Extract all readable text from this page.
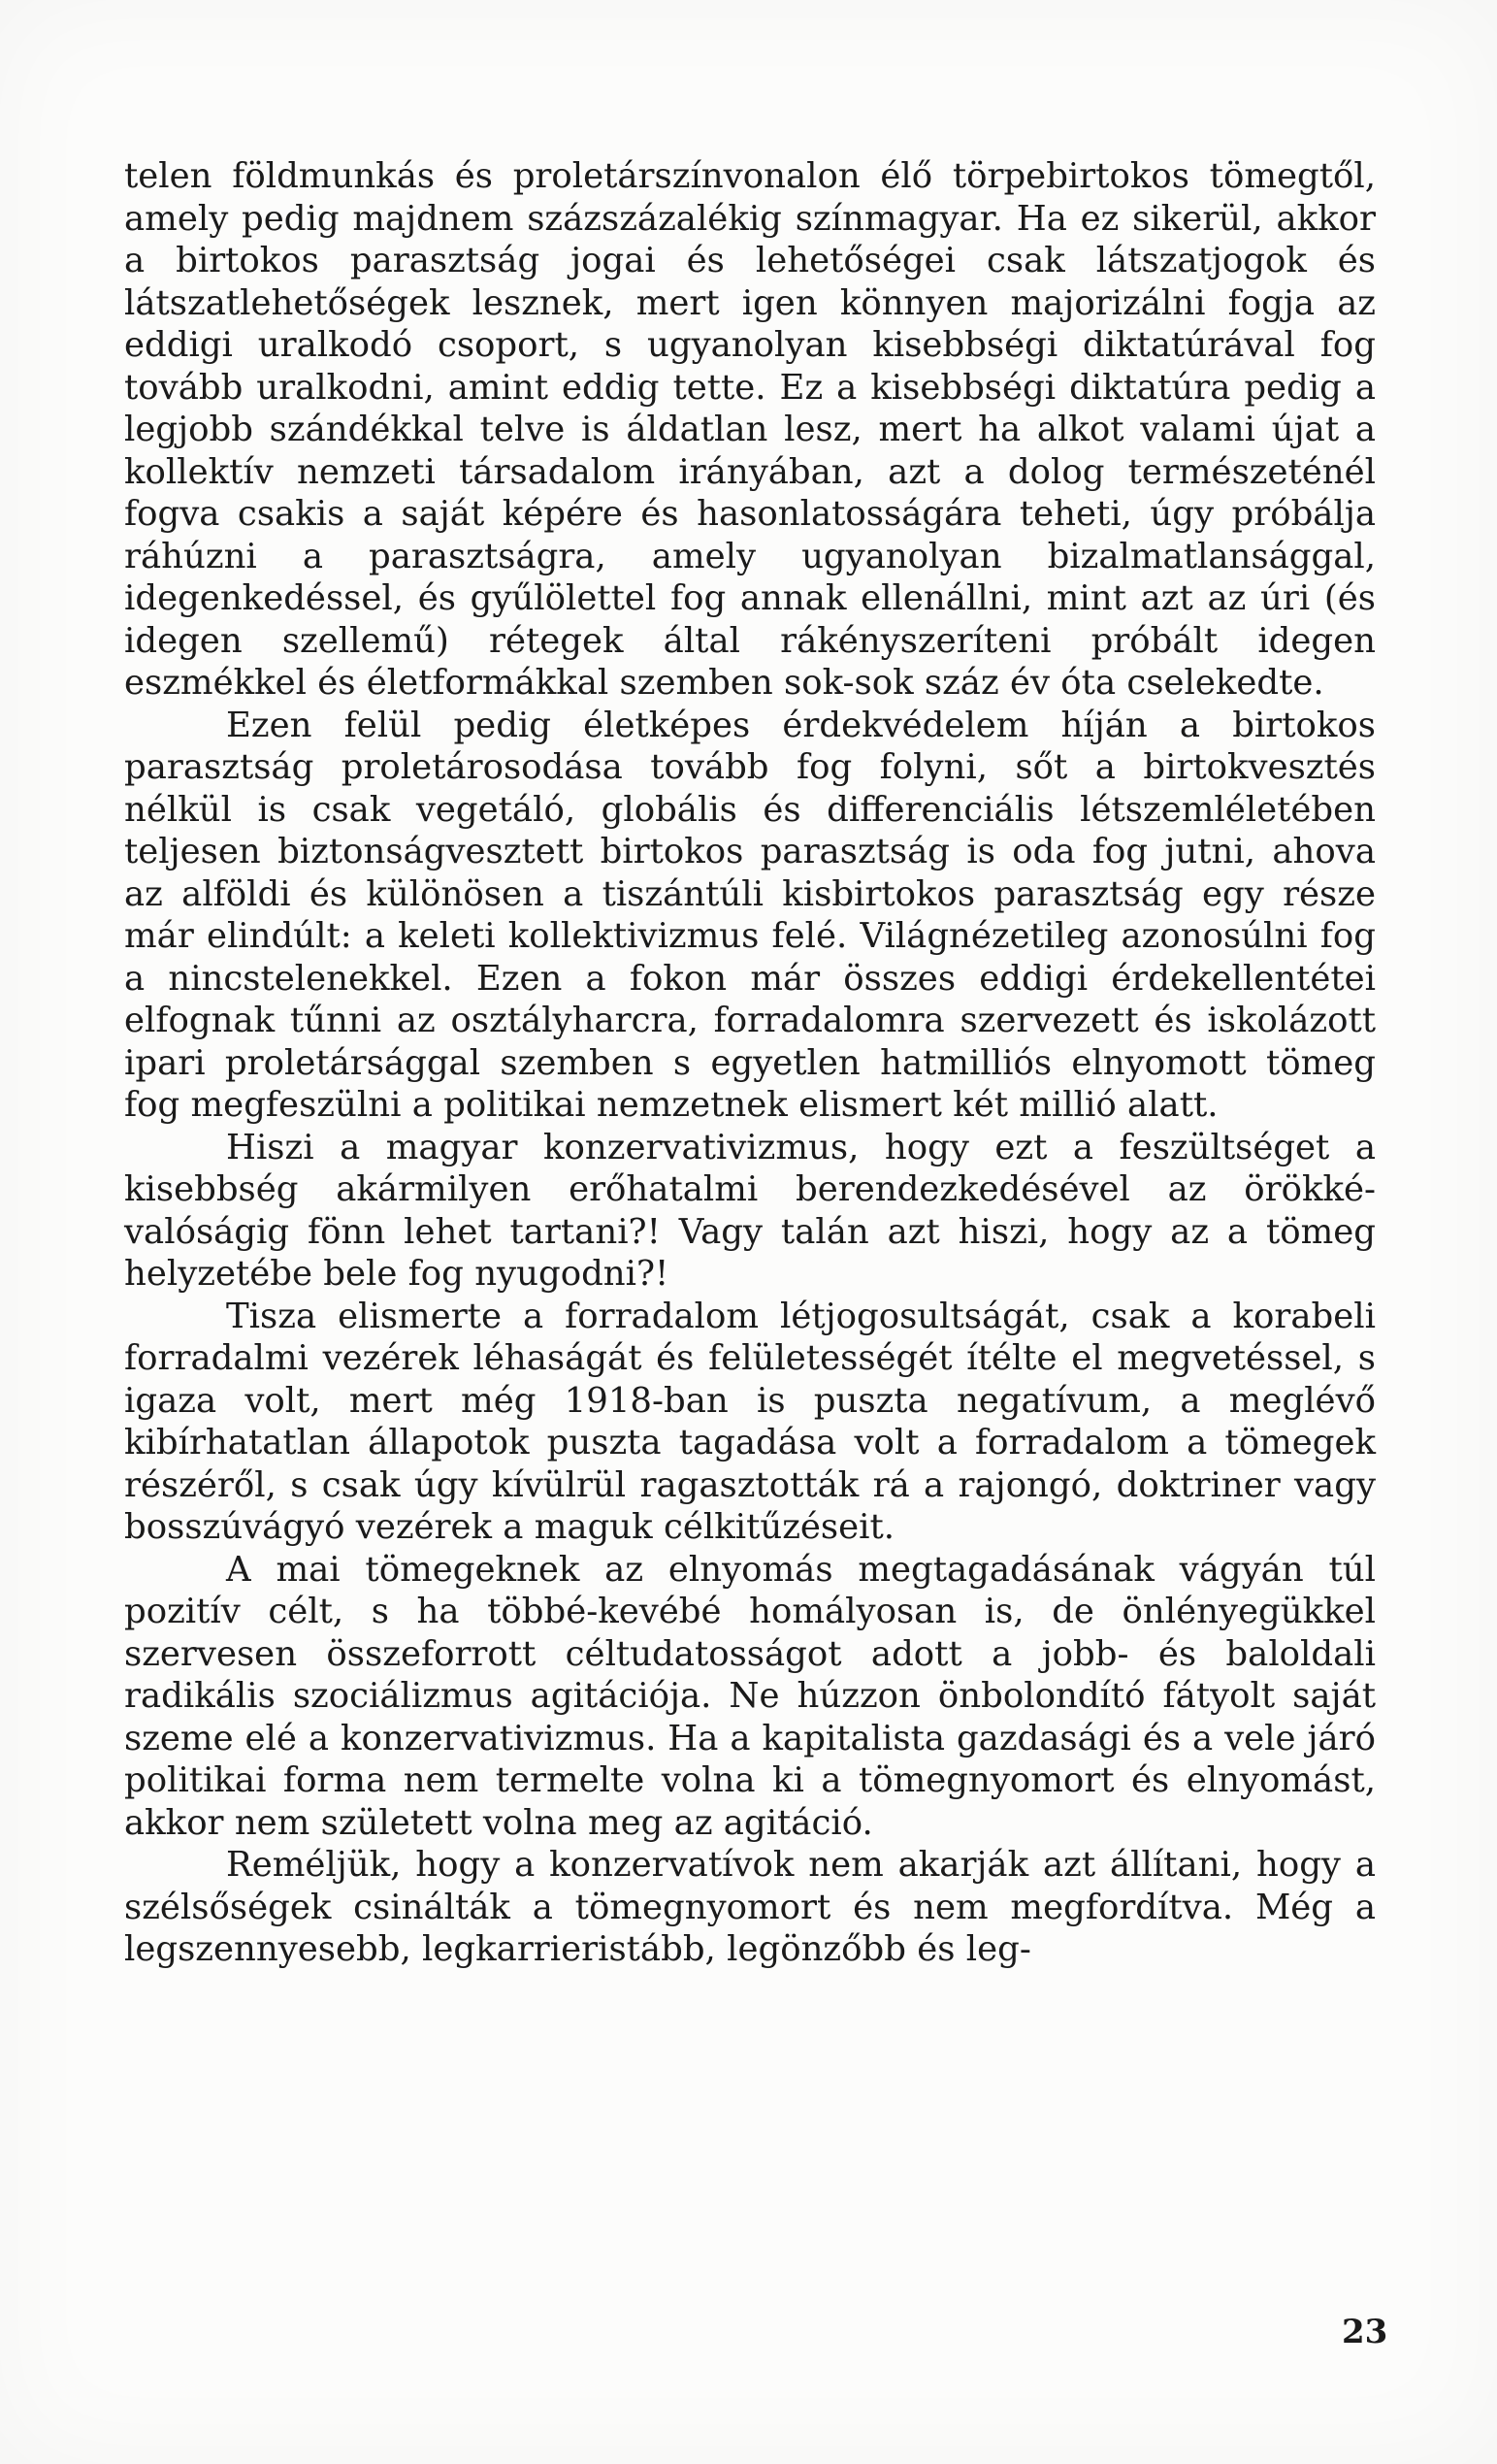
telen földmunkás és proletárszínvonalon élő törpebirtokos tömegtől, amely pedig majdnem százszázalékig színmagyar. Ha ez sikerül, akkor a birtokos parasztság jogai és lehetőségei csak látszatjogok és látszatlehetőségek lesznek, mert igen könnyen majorizálni fogja az eddigi uralkodó csoport, s ugyanolyan kisebbségi diktatúrával fog tovább uralkodni, amint eddig tette. Ez a kisebbségi diktatúra pedig a legjobb szándékkal telve is áldatlan lesz, mert ha alkot valami újat a kollektív nemzeti társadalom irányában, azt a dolog természeténél fogva csakis a saját képére és hasonlatosságára teheti, úgy próbálja ráhúzni a parasztságra, amely ugyanolyan bizalmatlansággal, idegenkedéssel, és gyűlölettel fog annak ellenállni, mint azt az úri (és idegen szellemű) rétegek által rákényszeríteni próbált idegen eszmékkel és életformákkal szemben sok-sok száz év óta cselekedte.

Ezen felül pedig életképes érdekvédelem híján a birtokos parasztság proletárosodása tovább fog folyni, sőt a birtokvesztés nélkül is csak vegetáló, globális és differenciális létszemléletében teljesen biztonságvesztett birtokos parasztság is oda fog jutni, ahova az alföldi és különösen a tiszántúli kisbirtokos parasztság egy része már elindúlt: a keleti kollektivizmus felé. Világnézetileg azonosúlni fog a nincstelenekkel. Ezen a fokon már összes eddigi érdekellentétei elfognak tűnni az osztályharcra, forradalomra szervezett és iskolázott ipari proletársággal szemben s egyetlen hatmilliós elnyomott tömeg fog megfeszülni a politikai nemzetnek elismert két millió alatt.

Hiszi a magyar konzervativizmus, hogy ezt a feszültséget a kisebbség akármilyen erőhatalmi berendezkedésével az örökkévalóságig fönn lehet tartani?! Vagy talán azt hiszi, hogy az a tömeg helyzetébe bele fog nyugodni?!

Tisza elismerte a forradalom létjogosultságát, csak a korabeli forradalmi vezérek léhaságát és felületességét ítélte el megvetéssel, s igaza volt, mert még 1918-ban is puszta negatívum, a meglévő kibírhatatlan állapotok puszta tagadása volt a forradalom a tömegek részéről, s csak úgy kívülrül ragasztották rá a rajongó, doktriner vagy bosszúvágyó vezérek a maguk célkitűzéseit.

A mai tömegeknek az elnyomás megtagadásának vágyán túl pozitív célt, s ha többé-kevébé homályosan is, de önlényegükkel szervesen összeforrott céltudatosságot adott a jobb- és baloldali radikális szociálizmus agitációja. Ne húzzon önbolondító fátyolt saját szeme elé a konzervativizmus. Ha a kapitalista gazdasági és a vele járó politikai forma nem termelte volna ki a tömegnyomort és elnyomást, akkor nem született volna meg az agitáció.

Reméljük, hogy a konzervatívok nem akarják azt állítani, hogy a szélsőségek csinálták a tömegnyomort és nem megfordítva. Még a legszennyesebb, legkarrieristább, legönzőbb és leg-

23
